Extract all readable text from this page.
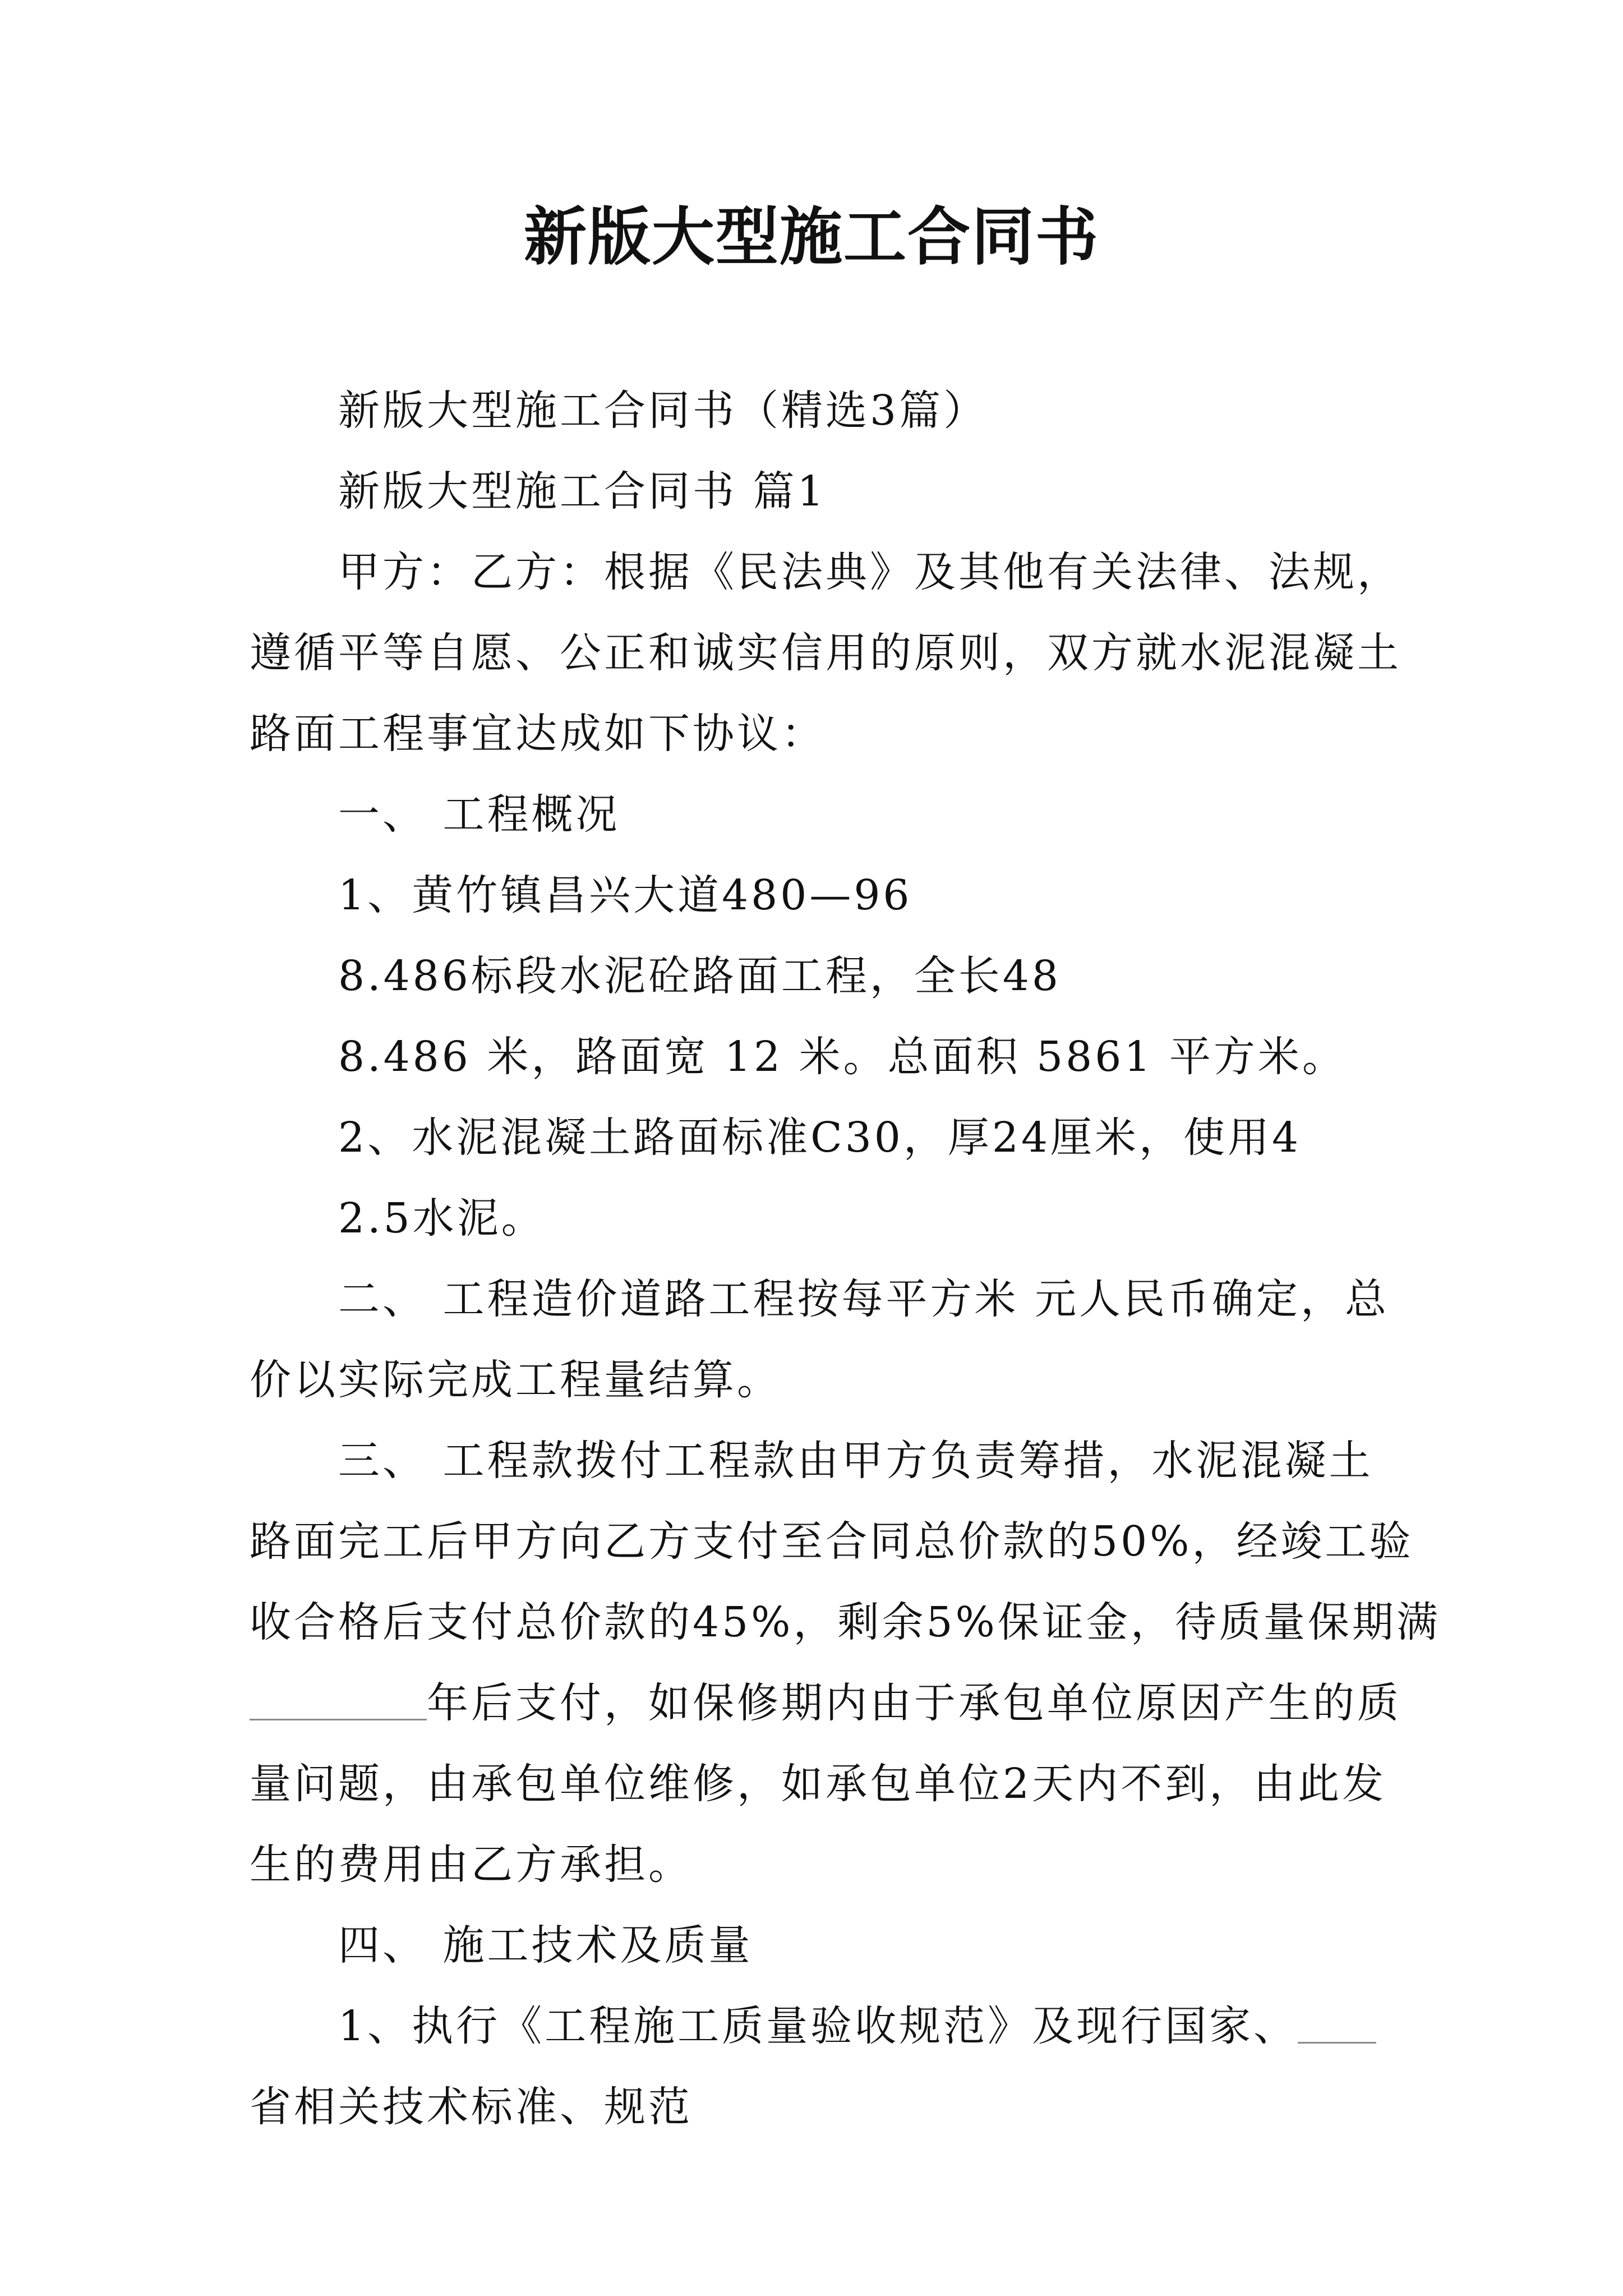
新版大型施工合同书

新版大型施工合同书（精选3篇）

新版大型施工合同书 篇1

甲方：乙方：根据《民法典》及其他有关法律、法规，

遵循平等自愿、公正和诚实信用的原则，双方就水泥混凝土

路面工程事宜达成如下协议：

一、 工程概况

1、黄竹镇昌兴大道480—96

8.486标段水泥砼路面工程，全长48

8.486 米，路面宽 12 米。总面积 5861 平方米。

2、水泥混凝土路面标准C30，厚24厘米，使用4

2.5水泥。

二、 工程造价道路工程按每平方米 元人民币确定，总

价以实际完成工程量结算。

三、 工程款拨付工程款由甲方负责筹措，水泥混凝土

路面完工后甲方向乙方支付至合同总价款的50%，经竣工验

收合格后支付总价款的45%，剩余5%保证金，待质量保期满

年后支付，如保修期内由于承包单位原因产生的质

量问题，由承包单位维修，如承包单位2天内不到，由此发

生的费用由乙方承担。

四、 施工技术及质量

1、执行《工程施工质量验收规范》及现行国家、

省相关技术标准、规范
